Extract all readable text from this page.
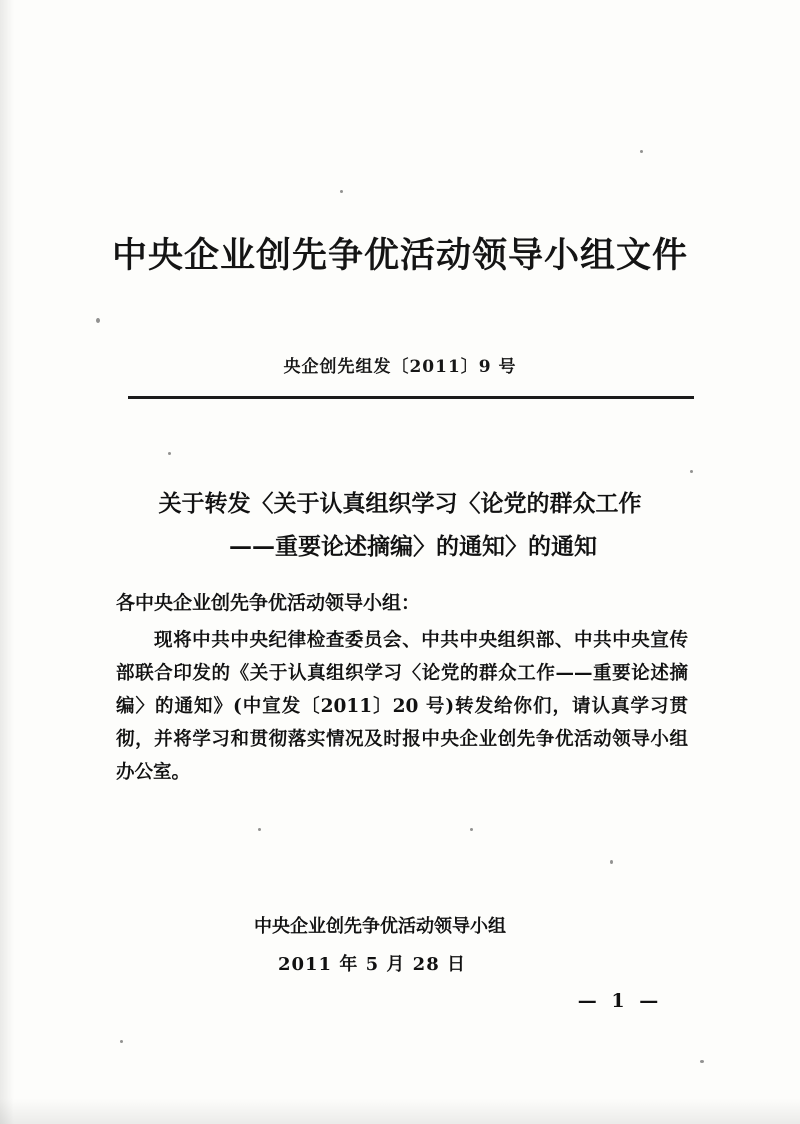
中央企业创先争优活动领导小组文件
央企创先组发〔2011〕9 号
关于转发〈关于认真组织学习〈论党的群众工作
——重要论述摘编〉的通知〉的通知
各中央企业创先争优活动领导小组：
现将中共中央纪律检查委员会、中共中央组织部、中共中央宣传部联合印发的《关于认真组织学习〈论党的群众工作——重要论述摘编〉的通知》(中宣发〔2011〕20 号)转发给你们，请认真学习贯彻，并将学习和贯彻落实情况及时报中央企业创先争优活动领导小组办公室。
中央企业创先争优活动领导小组
2011 年 5 月 28 日
— 1 —
